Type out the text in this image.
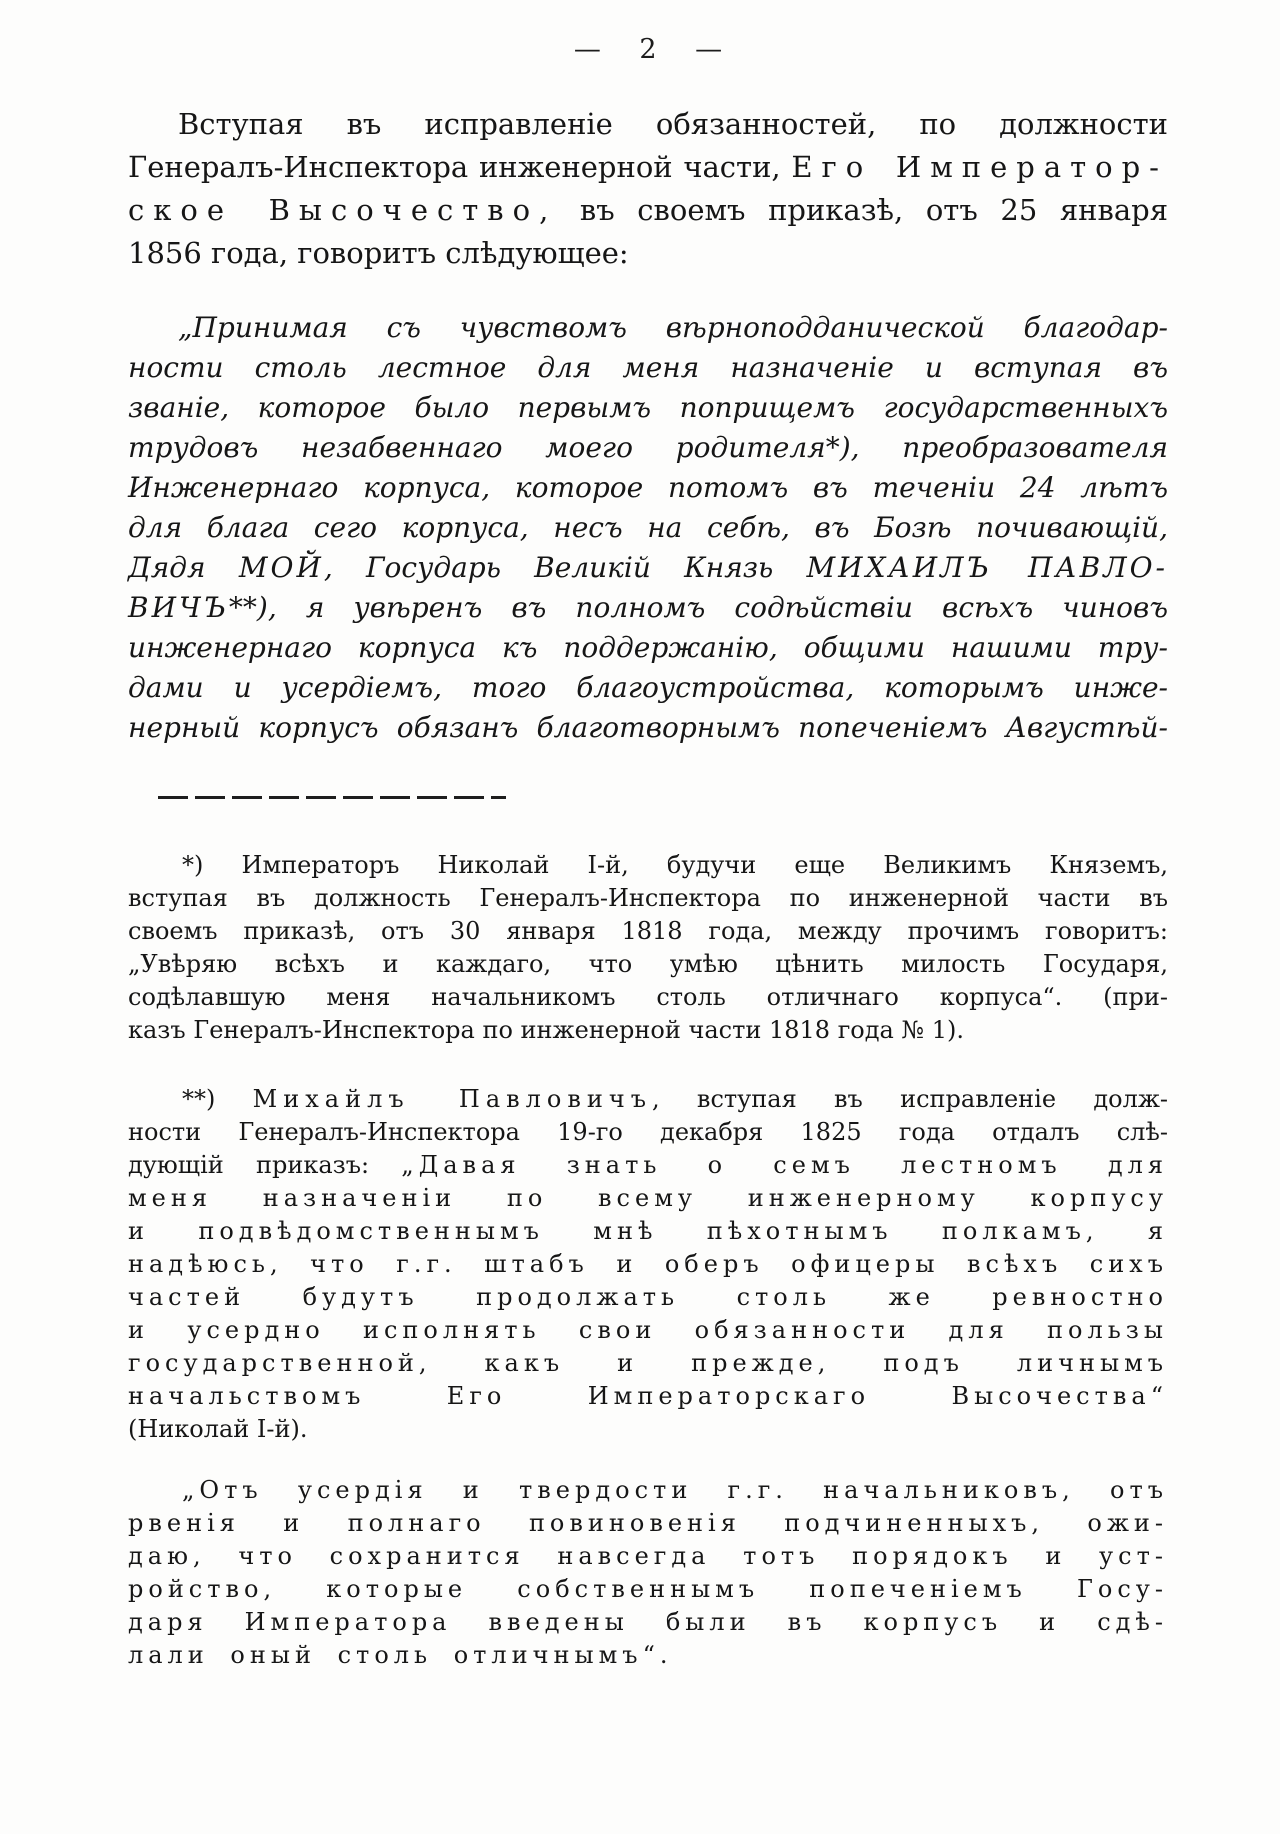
— 2 —
Вступая въ исправленіе обязанностей, по должности
Генералъ-Инспектора инженерной части, Его Император-
ское Высочество, въ своемъ приказѣ, отъ 25 января
1856 года, говоритъ слѣдующее:
„Принимая съ чувствомъ вѣрноподданической благодар-
ности столь лестное для меня назначеніе и вступая въ
званіе, которое было первымъ поприщемъ государственныхъ
трудовъ незабвеннаго моего родителя*), преобразователя
Инженернаго корпуса, которое потомъ въ теченіи 24 лѣтъ
для блага сего корпуса, несъ на себѣ, въ Бозѣ почивающій,
Дядя МОЙ, Государь Великій Князь МИХАИЛЪ ПАВЛО-
ВИЧЪ**), я увѣренъ въ полномъ содѣйствіи всѣхъ чиновъ
инженернаго корпуса къ поддержанію, общими нашими тру-
дами и усердіемъ, того благоустройства, которымъ инже-
нерный корпусъ обязанъ благотворнымъ попеченіемъ Августѣй-
*) Императоръ Николай I-й, будучи еще Великимъ Княземъ,
вступая въ должность Генералъ-Инспектора по инженерной части въ
своемъ приказѣ, отъ 30 января 1818 года, между прочимъ говоритъ:
„Увѣряю всѣхъ и каждаго, что умѣю цѣнить милость Государя,
содѣлавшую меня начальникомъ столь отличнаго корпуса“. (при-
казъ Генералъ-Инспектора по инженерной части 1818 года № 1).
**) Михайлъ Павловичъ, вступая въ исправленіе долж-
ности Генералъ-Инспектора 19-го декабря 1825 года отдалъ слѣ-
дующій приказъ: „Давая знать о семъ лестномъ для
меня назначеніи по всему инженерному корпусу
и подвѣдомственнымъ мнѣ пѣхотнымъ полкамъ, я
надѣюсь, что г.г. штабъ и оберъ офицеры всѣхъ сихъ
частей будутъ продолжать столь же ревностно
и усердно исполнять свои обязанности для пользы
государственной, какъ и прежде, подъ личнымъ
начальствомъ Его Императорскаго Высочества“
(Николай I-й).
„Отъ усердія и твердости г.г. начальниковъ, отъ
рвенія и полнаго повиновенія подчиненныхъ, ожи-
даю, что сохранится навсегда тотъ порядокъ и уст-
ройство, которые собственнымъ попеченіемъ Госу-
даря Императора введены были въ корпусъ и сдѣ-
лали оный столь отличнымъ“.
